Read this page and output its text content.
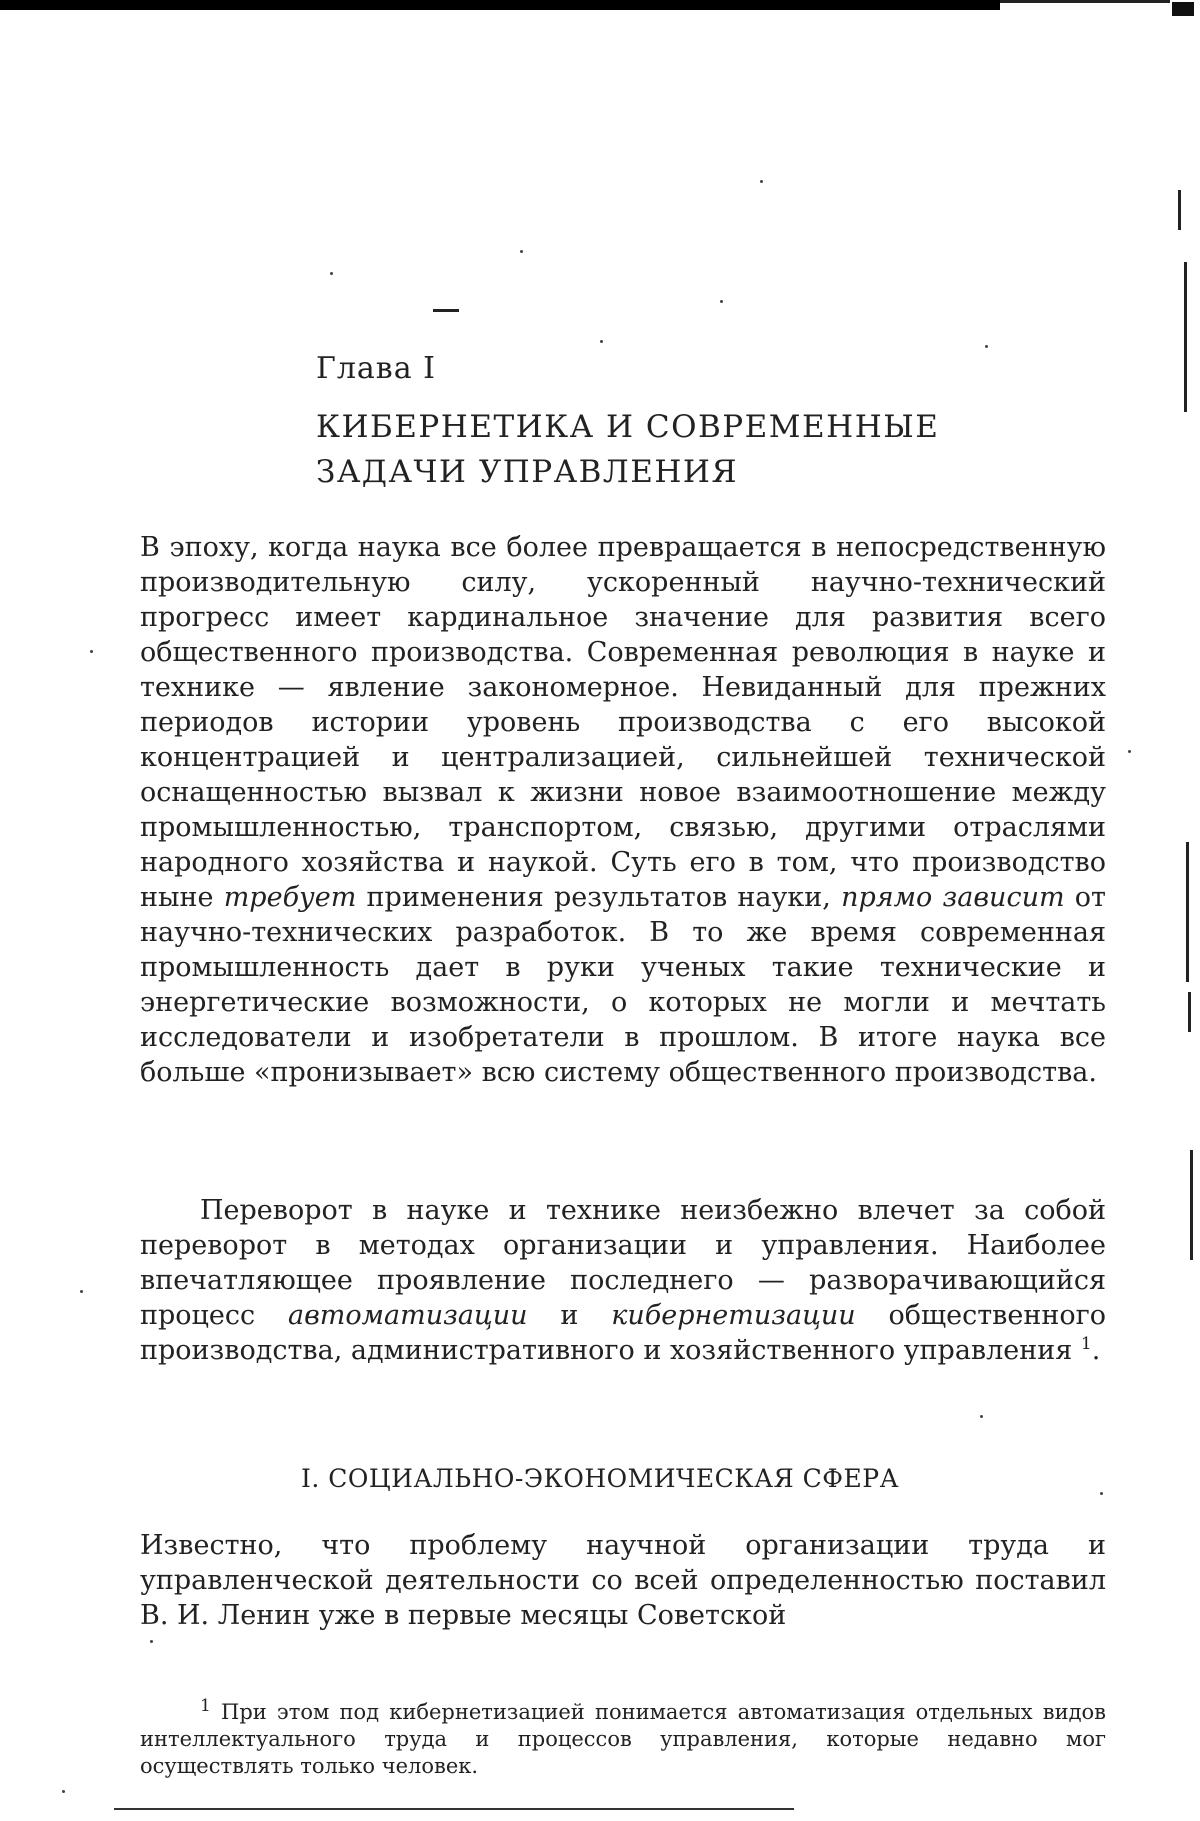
Глава I
КИБЕРНЕТИКА И СОВРЕМЕННЫЕ
ЗАДАЧИ УПРАВЛЕНИЯ
В эпоху, когда наука все более превращается в непосредственную производительную силу, ускоренный научно-технический прогресс имеет кардинальное значение для развития всего общественного производства. Современная революция в науке и технике — явление закономерное. Невиданный для прежних периодов истории уровень производства с его высокой концентрацией и централизацией, сильнейшей технической оснащенностью вызвал к жизни новое взаимоотношение между промышленностью, транспортом, связью, другими отраслями народного хозяйства и наукой. Суть его в том, что производство ныне требует применения результатов науки, прямо зависит от научно-технических разработок. В то же время современная промышленность дает в руки ученых такие технические и энергетические возможности, о которых не могли и мечтать исследователи и изобретатели в прошлом. В итоге наука все больше «пронизывает» всю систему общественного производства.
Переворот в науке и технике неизбежно влечет за собой переворот в методах организации и управления. Наиболее впечатляющее проявление последнего — разворачивающийся процесс автоматизации и кибернетизации общественного производства, административного и хозяйственного управления $^1$.
I. СОЦИАЛЬНО-ЭКОНОМИЧЕСКАЯ СФЕРА
Известно, что проблему научной организации труда и управленческой деятельности со всей определенностью поставил В. И. Ленин уже в первые месяцы Советской
$^1$ При этом под кибернетизацией понимается автоматизация отдельных видов интеллектуального труда и процессов управления, которые недавно мог осуществлять только человек.
